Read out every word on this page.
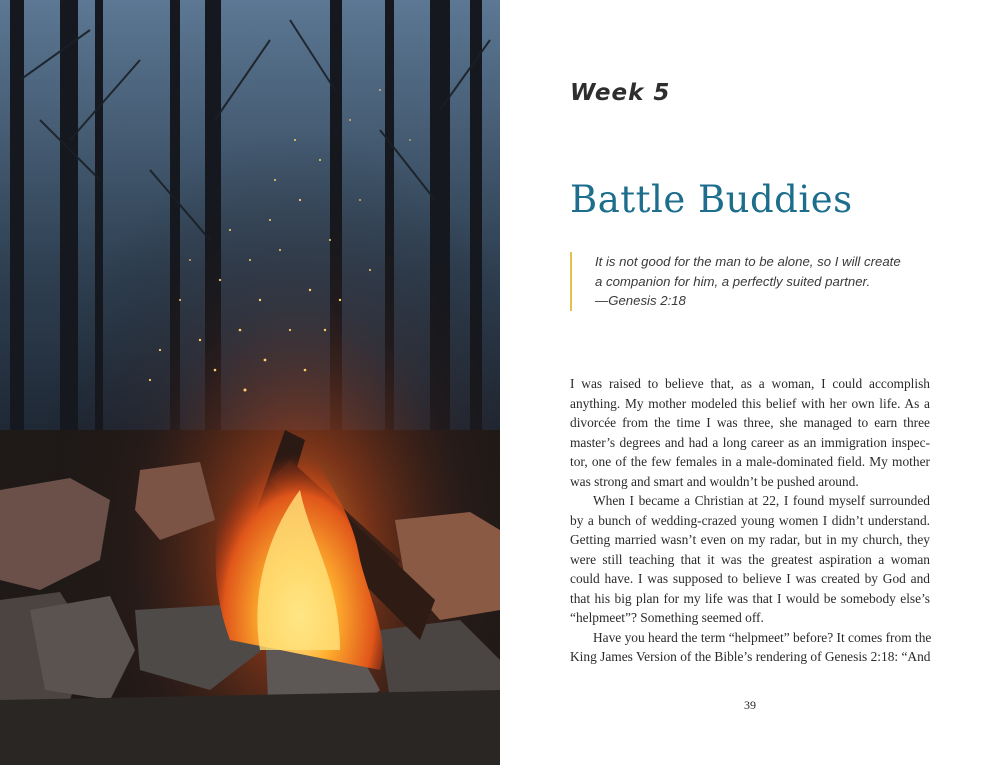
Week 5
Battle Buddies
It is not good for the man to be alone, so I will create
a companion for him, a perfectly suited partner.
—Genesis 2:18
I was raised to believe that, as a woman, I could accomplish
anything. My mother modeled this belief with her own life. As a
divorcée from the time I was three, she managed to earn three
master’s degrees and had a long career as an immigration inspec-
tor, one of the few females in a male-dominated field. My mother
was strong and smart and wouldn’t be pushed around.
When I became a Christian at 22, I found myself surrounded
by a bunch of wedding-crazed young women I didn’t understand.
Getting married wasn’t even on my radar, but in my church, they
were still teaching that it was the greatest aspiration a woman
could have. I was supposed to believe I was created by God and
that his big plan for my life was that I would be somebody else’s
“helpmeet”? Something seemed off.
Have you heard the term “helpmeet” before? It comes from the
King James Version of the Bible’s rendering of Genesis 2:18: “And
39
